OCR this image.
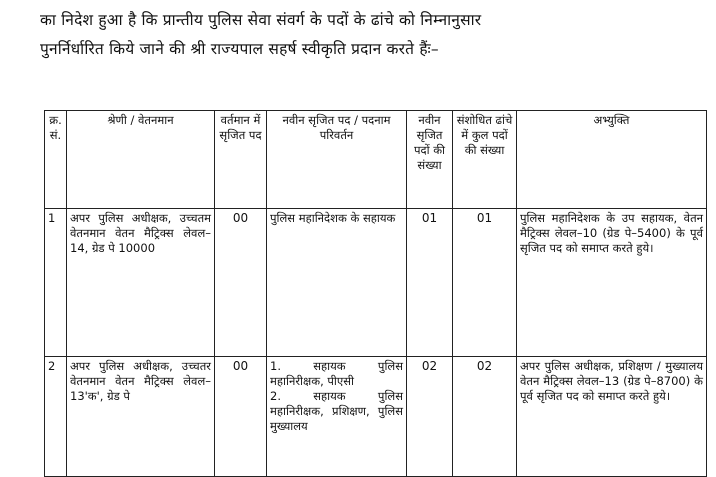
का निदेश हुआ है कि प्रान्तीय पुलिस सेवा संवर्ग के पदों के ढांचे को निम्नानुसार
पुनर्निर्धारित किये जाने की श्री राज्यपाल सहर्ष स्वीकृति प्रदान करते हैंः–
क्र. सं.	श्रेणी / वेतनमान	वर्तमान में सृजित पद	नवीन सृजित पद / पदनाम परिवर्तन	नवीन सृजित पदों की संख्या	संशोधित ढांचे में कुल पदों की संख्या	अभ्युक्ति
1	अपर पुलिस अधीक्षक, उच्चतम वेतनमान वेतन मैट्रिक्स लेवल–14, ग्रेड पे 10000	00	पुलिस महानिदेशक के सहायक	01	01	पुलिस महानिदेशक के उप सहायक, वेतन मैट्रिक्स लेवल–10 (ग्रेड पे–5400) के पूर्व सृजित पद को समाप्त करते हुये।
2	अपर पुलिस अधीक्षक, उच्चतर वेतनमान वेतन मैट्रिक्स लेवल–13'क', ग्रेड पे	00	1. सहायक पुलिस महानिरीक्षक, पीएसी
2. सहायक पुलिस महानिरीक्षक, प्रशिक्षण, पुलिस मुख्यालय	02	02	अपर पुलिस अधीक्षक, प्रशिक्षण / मुख्यालय वेतन मैट्रिक्स लेवल–13 (ग्रेड पे–8700) के पूर्व सृजित पद को समाप्त करते हुये।
